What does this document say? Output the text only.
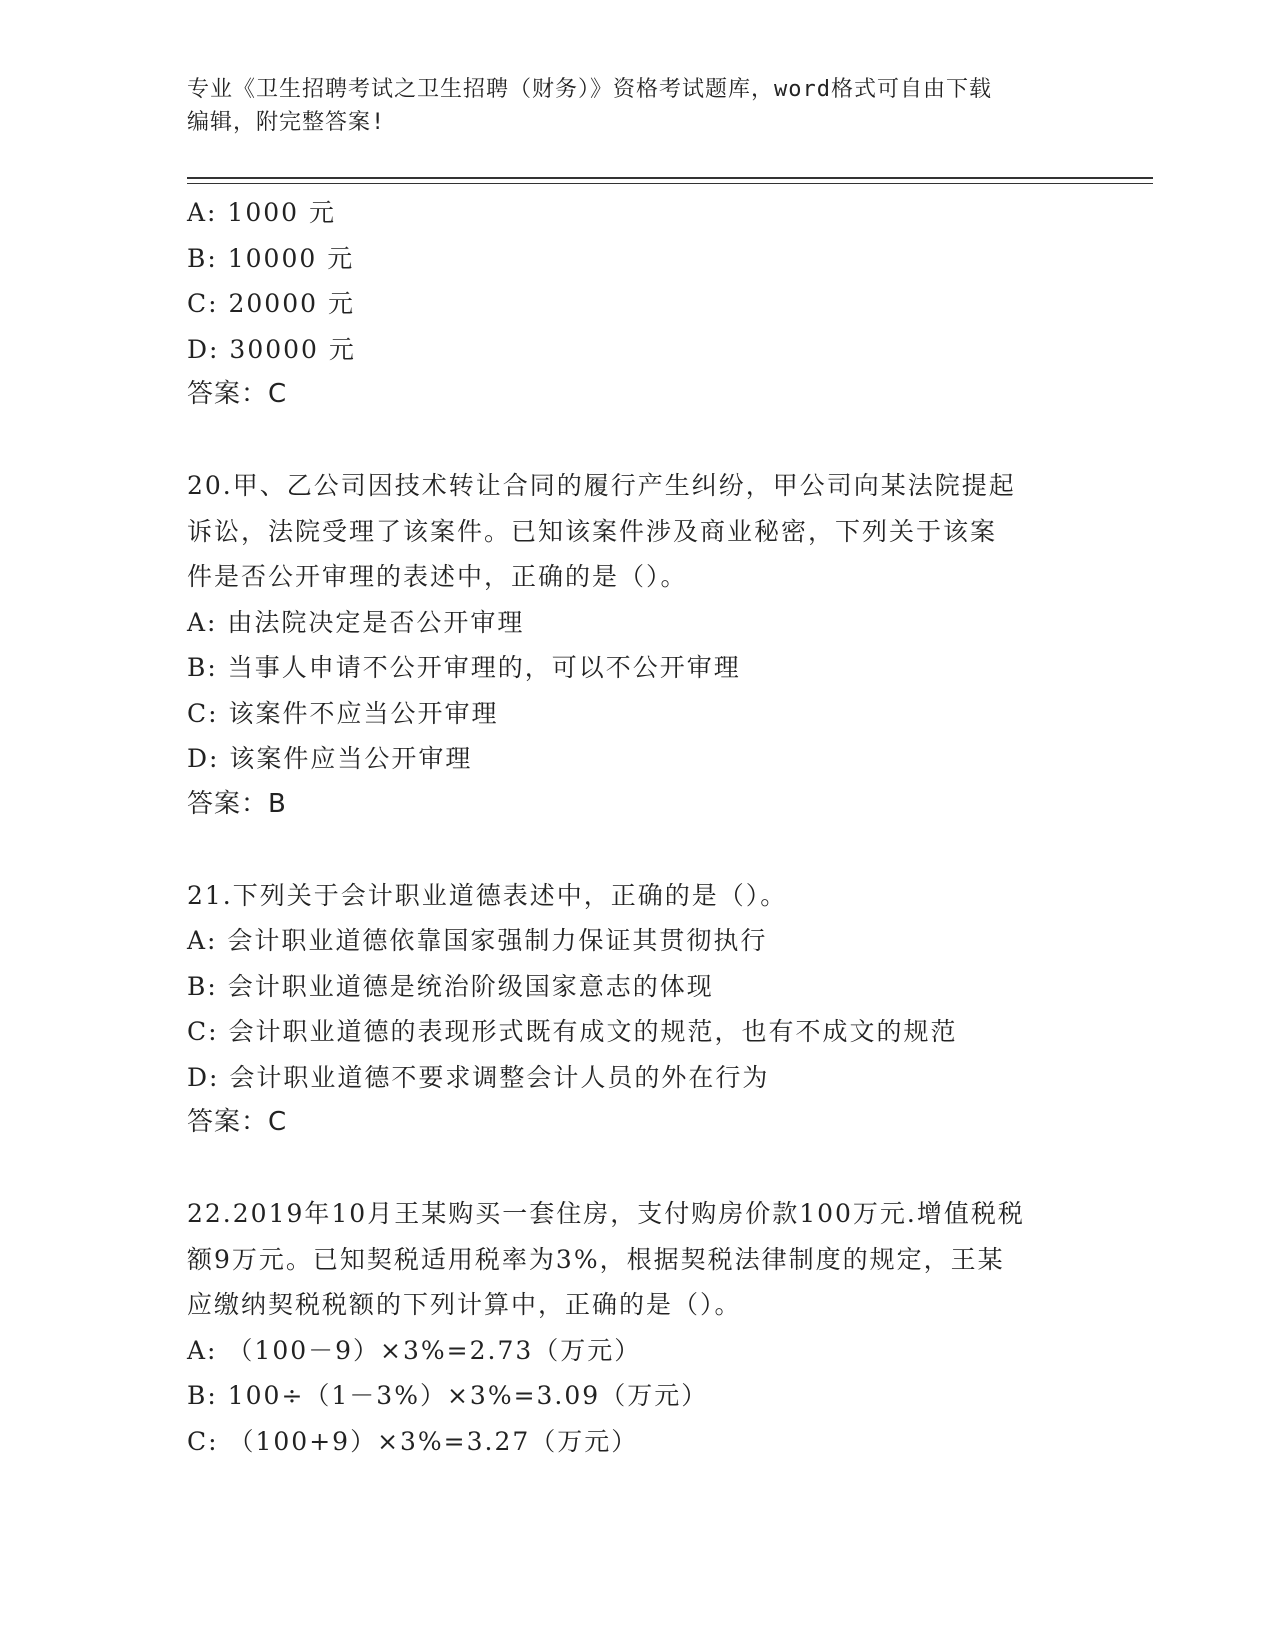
专业《卫生招聘考试之卫生招聘（财务）》资格考试题库，word格式可自由下载
编辑，附完整答案!
A: 1000 元
B: 10000 元
C: 20000 元
D: 30000 元
答案：C
20.甲、乙公司因技术转让合同的履行产生纠纷，甲公司向某法院提起
诉讼，法院受理了该案件。已知该案件涉及商业秘密，下列关于该案
件是否公开审理的表述中，正确的是（）。
A: 由法院决定是否公开审理
B: 当事人申请不公开审理的，可以不公开审理
C: 该案件不应当公开审理
D: 该案件应当公开审理
答案：B
21.下列关于会计职业道德表述中，正确的是（）。
A: 会计职业道德依靠国家强制力保证其贯彻执行
B: 会计职业道德是统治阶级国家意志的体现
C: 会计职业道德的表现形式既有成文的规范，也有不成文的规范
D: 会计职业道德不要求调整会计人员的外在行为
答案：C
22.2019年10月王某购买一套住房，支付购房价款100万元.增值税税
额9万元。已知契税适用税率为3%，根据契税法律制度的规定，王某
应缴纳契税税额的下列计算中，正确的是（）。
A: （100－9）×3%=2.73（万元）
B: 100÷（1－3%）×3%=3.09（万元）
C: （100+9）×3%=3.27（万元）
